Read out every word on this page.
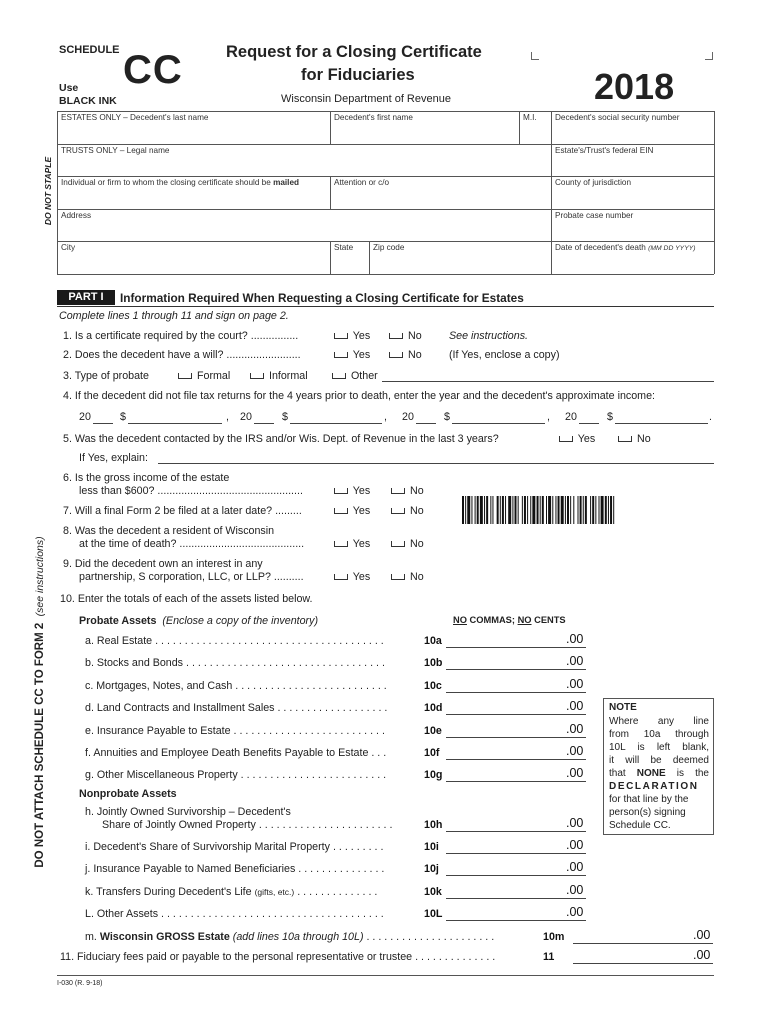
SCHEDULE CC
Use
BLACK INK
Request for a Closing Certificate
for Fiduciaries
Wisconsin Department of Revenue	2018
DO NOT STAPLE
ESTATES ONLY – Decedent's last name	Decedent's first name	M.I. Decedent's social security number
TRUSTS ONLY – Legal name	Estate's/Trust's federal EIN
Individual or firm to whom the closing certificate should be mailed	Attention or c/o	County of jurisdiction
Address	Probate case number
City	State Zip code	Date of decedent's death (MM DD YYYY)
PART I	Information Required When Requesting a Closing Certificate for Estates
Complete lines 1 through 11 and sign on page 2.
DO NOT ATTACH SCHEDULE CC TO FORM 2  (see instructions)
1. Is a certificate required by the court? ................	Yes	No	See instructions.
2. Does the decedent have a will? .........................	Yes	No	(If Yes, enclose a copy)
3. Type of probate	Formal	Informal	Other
4. If the decedent did not file tax returns for the 4 years prior to death, enter the year and the decedent's approximate income:
20	$	, 20	$	, 20	$	, 20	$	.
5. Was the decedent contacted by the IRS and/or Wis. Dept. of Revenue in the last 3 years?	Yes	No
If Yes, explain:
6. Is the gross income of the estate
less than $600? .................................................	Yes	No
7. Will a final Form 2 be filed at a later date? .........	Yes	No
8. Was the decedent a resident of Wisconsin
at the time of death? ..........................................	Yes	No
9. Did the decedent own an interest in any
partnership, S corporation, LLC, or LLP? ..........	Yes	No
10. Enter the totals of each of the assets listed below.
Probate Assets (Enclose a copy of the inventory)	NO COMMAS; NO CENTS
a. Real Estate . . . . . . . . . . . . . . . . . . . . . . . . . . . . . . . . . . . . . . .	10a	.00
b. Stocks and Bonds . . . . . . . . . . . . . . . . . . . . . . . . . . . . . . . . . .	10b	.00
c. Mortgages, Notes, and Cash . . . . . . . . . . . . . . . . . . . . . . . . . .	10c	.00
d. Land Contracts and Installment Sales . . . . . . . . . . . . . . . . . . .	10d	.00
e. Insurance Payable to Estate . . . . . . . . . . . . . . . . . . . . . . . . . .	10e	.00
f. Annuities and Employee Death Benefits Payable to Estate . . .	10f	.00
g. Other Miscellaneous Property . . . . . . . . . . . . . . . . . . . . . . . . .	10g	.00
Nonprobate Assets
h. Jointly Owned Survivorship – Decedent's
Share of Jointly Owned Property . . . . . . . . . . . . . . . . . . . . . . .	10h	.00
i. Decedent's Share of Survivorship Marital Property . . . . . . . . .	10i	.00
j. Insurance Payable to Named Beneficiaries . . . . . . . . . . . . . . .	10j	.00
k. Transfers During Decedent's Life (gifts, etc.) . . . . . . . . . . . . . .	10k	.00
L. Other Assets . . . . . . . . . . . . . . . . . . . . . . . . . . . . . . . . . . . . . .	10L	.00
m. Wisconsin GROSS Estate (add lines 10a through 10L) . . . . . . . . . . . . . . . . . . . . . .	10m	.00
11. Fiduciary fees paid or payable to the personal representative or trustee . . . . . . . . . . . . . .	11	.00
NOTE
Where any line
from 10a through
10L is left blank,
it will be deemed
that NONE is the
DECLARATION
for that line by the
person(s) signing
Schedule CC.
I-030 (R. 9-18)
